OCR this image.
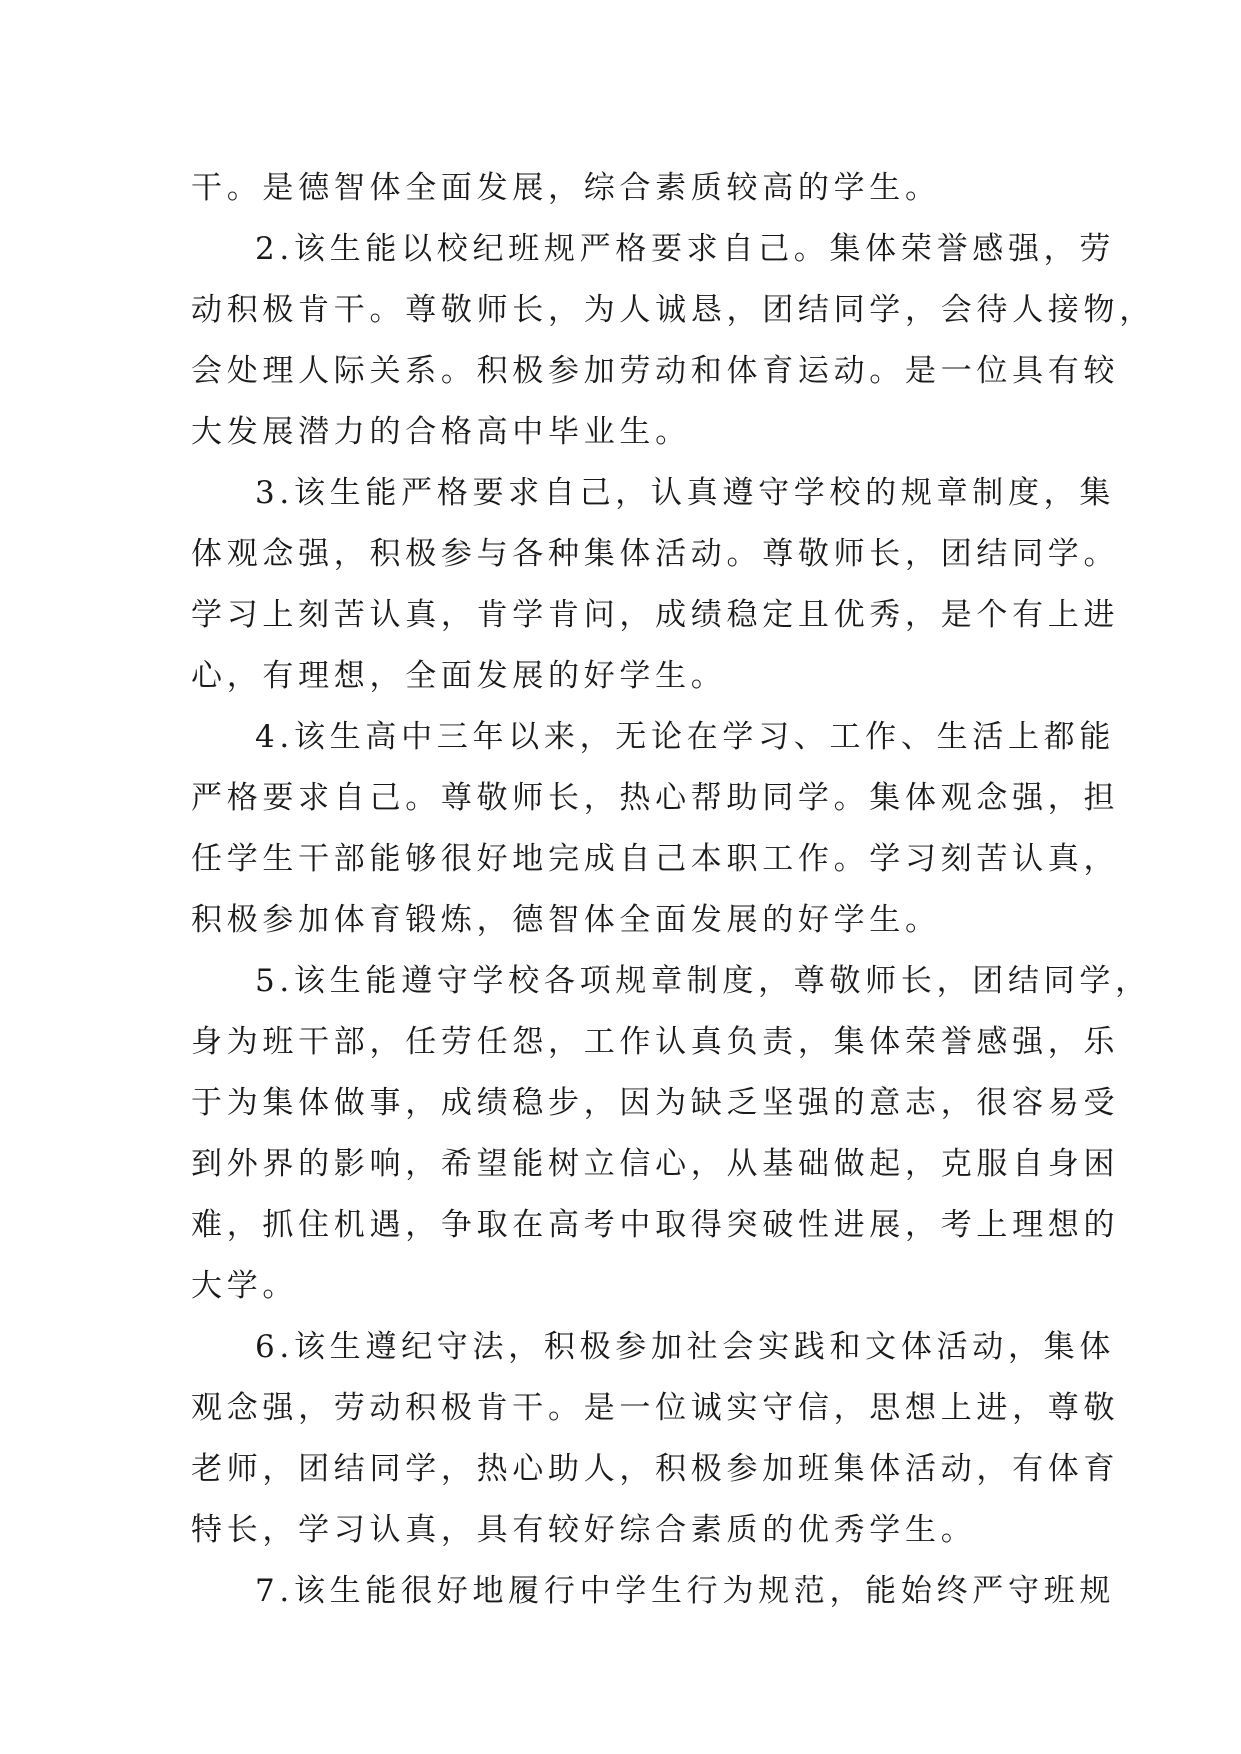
干。是德智体全面发展，综合素质较高的学生。
2.该生能以校纪班规严格要求自己。集体荣誉感强，劳
动积极肯干。尊敬师长，为人诚恳，团结同学，会待人接物，
会处理人际关系。积极参加劳动和体育运动。是一位具有较
大发展潜力的合格高中毕业生。
3.该生能严格要求自己，认真遵守学校的规章制度，集
体观念强，积极参与各种集体活动。尊敬师长，团结同学。
学习上刻苦认真，肯学肯问，成绩稳定且优秀，是个有上进
心，有理想，全面发展的好学生。
4.该生高中三年以来，无论在学习、工作、生活上都能
严格要求自己。尊敬师长，热心帮助同学。集体观念强，担
任学生干部能够很好地完成自己本职工作。学习刻苦认真，
积极参加体育锻炼，德智体全面发展的好学生。
5.该生能遵守学校各项规章制度，尊敬师长，团结同学，
身为班干部，任劳任怨，工作认真负责，集体荣誉感强，乐
于为集体做事，成绩稳步，因为缺乏坚强的意志，很容易受
到外界的影响，希望能树立信心，从基础做起，克服自身困
难，抓住机遇，争取在高考中取得突破性进展，考上理想的
大学。
6.该生遵纪守法，积极参加社会实践和文体活动，集体
观念强，劳动积极肯干。是一位诚实守信，思想上进，尊敬
老师，团结同学，热心助人，积极参加班集体活动，有体育
特长，学习认真，具有较好综合素质的优秀学生。
7.该生能很好地履行中学生行为规范，能始终严守班规
